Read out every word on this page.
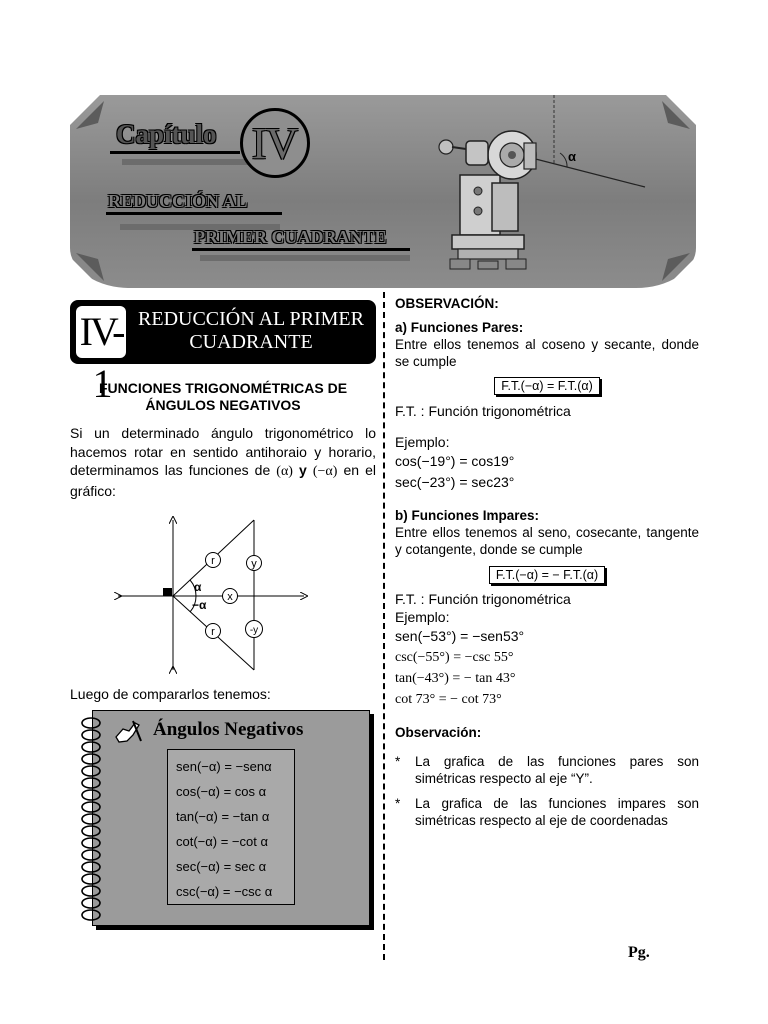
Capítulo IV
REDUCCIÓN AL
PRIMER CUADRANTE
α
IV-1
REDUCCIÓN AL PRIMER CUADRANTE
FUNCIONES TRIGONOMÉTRICAS DE ÁNGULOS NEGATIVOS
Si un determinado ángulo trigonométrico lo hacemos rotar en sentido antihoraio y horario, determinamos las funciones de (α) y (−α) en el gráfico:
r	y
α
−α
x
r	-y
Luego de compararlos tenemos:
Ángulos Negativos
sen(−α) = −senα
cos(−α) = cos α
tan(−α) = −tan α
cot(−α) = −cot α
sec(−α) = sec α
csc(−α) = −csc α
OBSERVACIÓN:
a) Funciones Pares:
Entre ellos tenemos al coseno y secante, donde se cumple
F.T.(−α) = F.T.(α)
F.T. : Función trigonométrica
Ejemplo:
cos(−19°) = cos19°
sec(−23°) = sec23°
b) Funciones Impares:
Entre ellos tenemos al seno, cosecante, tangente y cotangente, donde se cumple
F.T.(−α) = − F.T.(α)
F.T. : Función trigonométrica
Ejemplo:
sen(−53°) = −sen53°
csc(−55°) = −csc 55°
tan(−43°) = − tan 43°
cot 73° = − cot 73°
Observación:
*	La grafica de las funciones pares son simétricas respecto al eje “Y”.
*	La grafica de las funciones impares son simétricas respecto al eje de coordenadas
Pg.
